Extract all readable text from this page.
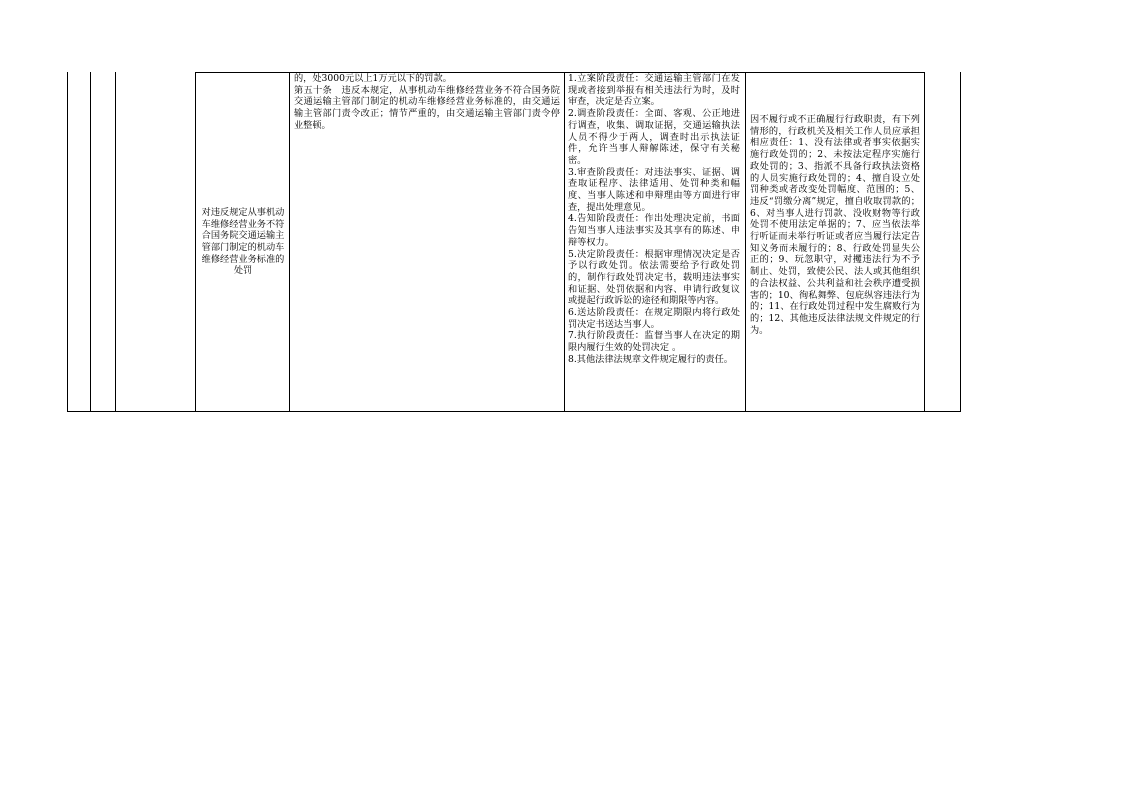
对违反规定从事机动车维修经营业务不符合国务院交通运输主管部门制定的机动车维修经营业务标准的处罚

的，处3000元以上1万元以下的罚款。

第五十条　违反本规定，从事机动车维修经营业务不符合国务院交通运输主管部门制定的机动车维修经营业务标准的，由交通运输主管部门责令改正；情节严重的，由交通运输主管部门责令停业整顿。

1.立案阶段责任：交通运输主管部门在发现或者接到举报有相关违法行为时，及时审查，决定是否立案。

2.调查阶段责任：全面、客观、公正地进行调查，收集、调取证据，交通运输执法人员不得少于两人，调查时出示执法证件，允许当事人辩解陈述，保守有关秘密。

3.审查阶段责任：对违法事实、证据、调查取证程序、法律适用、处罚种类和幅度、当事人陈述和申辩理由等方面进行审查，提出处理意见。

4.告知阶段责任：作出处理决定前，书面告知当事人违法事实及其享有的陈述、申辩等权力。

5.决定阶段责任：根据审理情况决定是否予以行政处罚。依法需要给予行政处罚的，制作行政处罚决定书，载明违法事实和证据、处罚依据和内容、申请行政复议或提起行政诉讼的途径和期限等内容。

6.送达阶段责任：在规定期限内将行政处罚决定书送达当事人。

7.执行阶段责任：监督当事人在决定的期限内履行生效的处罚决定 。

8.其他法律法规章文件规定履行的责任。

因不履行或不正确履行行政职责，有下列情形的，行政机关及相关工作人员应承担相应责任：1、没有法律或者事实依据实施行政处罚的；2、未按法定程序实施行政处罚的；3、指派不具备行政执法资格的人员实施行政处罚的；4、擅自设立处罚种类或者改变处罚幅度、范围的；5、违反“罚缴分离”规定，擅自收取罚款的；6、对当事人进行罚款、没收财物等行政处罚不使用法定单据的；7、应当依法举行听证而未举行听证或者应当履行法定告知义务而未履行的；8、行政处罚显失公正的；9、玩忽职守，对攫违法行为不予制止、处罚，致使公民、法人或其他组织的合法权益、公共利益和社会秩序遭受损害的；10、徇私舞弊、包庇纵容违法行为的；11、在行政处罚过程中发生腐败行为的；12、其他违反法律法规文件规定的行为。
